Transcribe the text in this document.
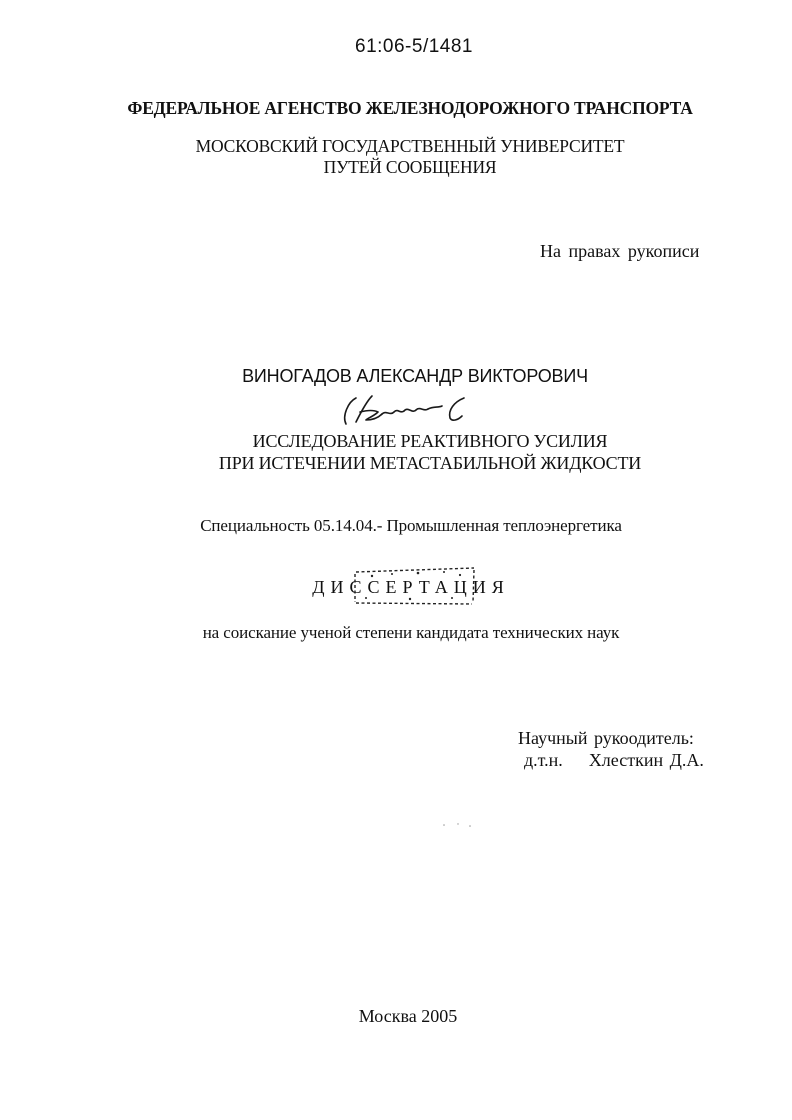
61:06-5/1481
ФЕДЕРАЛЬНОЕ АГЕНСТВО ЖЕЛЕЗНОДОРОЖНОГО ТРАНСПОРТА
МОСКОВСКИЙ ГОСУДАРСТВЕННЫЙ УНИВЕРСИТЕТ
ПУТЕЙ СООБЩЕНИЯ
На правах рукописи
ВИНОГАДОВ АЛЕКСАНДР ВИКТОРОВИЧ
ИССЛЕДОВАНИЕ РЕАКТИВНОГО УСИЛИЯ
ПРИ ИСТЕЧЕНИИ МЕТАСТАБИЛЬНОЙ ЖИДКОСТИ
Специальность 05.14.04.- Промышленная теплоэнергетика
ДИССЕРТАЦИЯ
на соискание ученой степени кандидата технических наук
Научный рукоодитель:
д.т.н. Хлесткин Д.А.
Москва 2005
